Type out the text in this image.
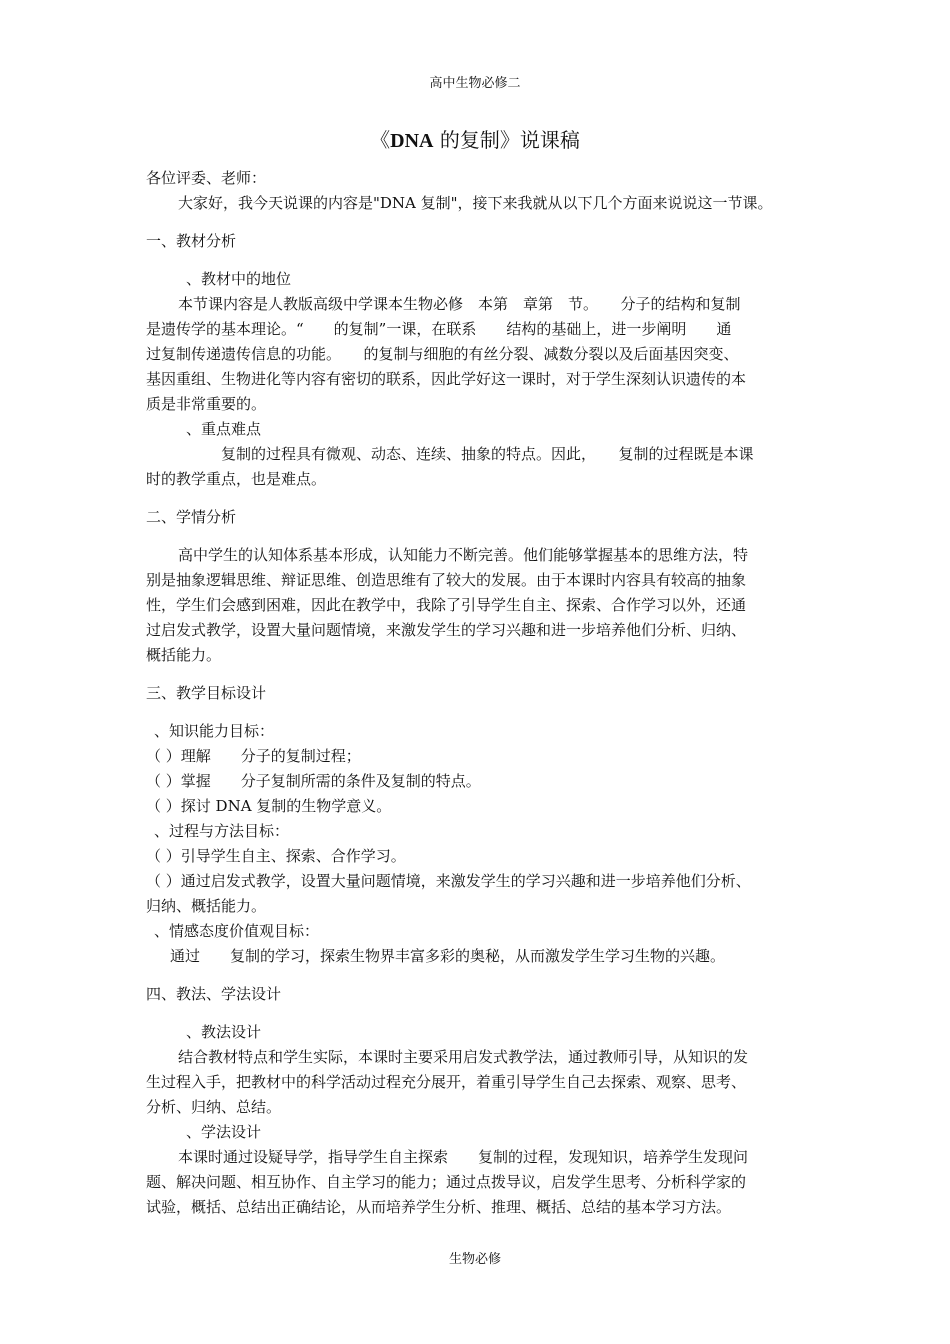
高中生物必修二
《DNA 的复制》说课稿
各位评委、老师：
大家好，我今天说课的内容是"DNA 复制"，接下来我就从以下几个方面来说说这一节课。
一、教材分析
、教材中的地位
本节课内容是人教版高级中学课本生物必修　本第　章第　节。　　分子的结构和复制
是遗传学的基本理论。“　　的复制”一课，在联系　　结构的基础上，进一步阐明　　通
过复制传递遗传信息的功能。　　的复制与细胞的有丝分裂、减数分裂以及后面基因突变、
基因重组、生物进化等内容有密切的联系，因此学好这一课时，对于学生深刻认识遗传的本
质是非常重要的。
、重点难点
　复制的过程具有微观、动态、连续、抽象的特点。因此，　　复制的过程既是本课
时的教学重点，也是难点。
二、学情分析
高中学生的认知体系基本形成，认知能力不断完善。他们能够掌握基本的思维方法，特
别是抽象逻辑思维、辩证思维、创造思维有了较大的发展。由于本课时内容具有较高的抽象
性，学生们会感到困难，因此在教学中，我除了引导学生自主、探索、合作学习以外，还通
过启发式教学，设置大量问题情境，来激发学生的学习兴趣和进一步培养他们分析、归纳、
概括能力。
三、教学目标设计
、知识能力目标：
（ ）理解　　分子的复制过程；
（ ）掌握　　分子复制所需的条件及复制的特点。
（ ）探讨 DNA 复制的生物学意义。
、过程与方法目标：
（ ）引导学生自主、探索、合作学习。
（ ）通过启发式教学，设置大量问题情境，来激发学生的学习兴趣和进一步培养他们分析、
归纳、概括能力。
、情感态度价值观目标：
通过　　复制的学习，探索生物界丰富多彩的奥秘，从而激发学生学习生物的兴趣。
四、教法、学法设计
、教法设计
结合教材特点和学生实际，本课时主要采用启发式教学法，通过教师引导，从知识的发
生过程入手，把教材中的科学活动过程充分展开，着重引导学生自己去探索、观察、思考、
分析、归纳、总结。
、学法设计
本课时通过设疑导学，指导学生自主探索　　复制的过程，发现知识，培养学生发现问
题、解决问题、相互协作、自主学习的能力；通过点拨导议，启发学生思考、分析科学家的
试验，概括、总结出正确结论，从而培养学生分析、推理、概括、总结的基本学习方法。
生物必修
